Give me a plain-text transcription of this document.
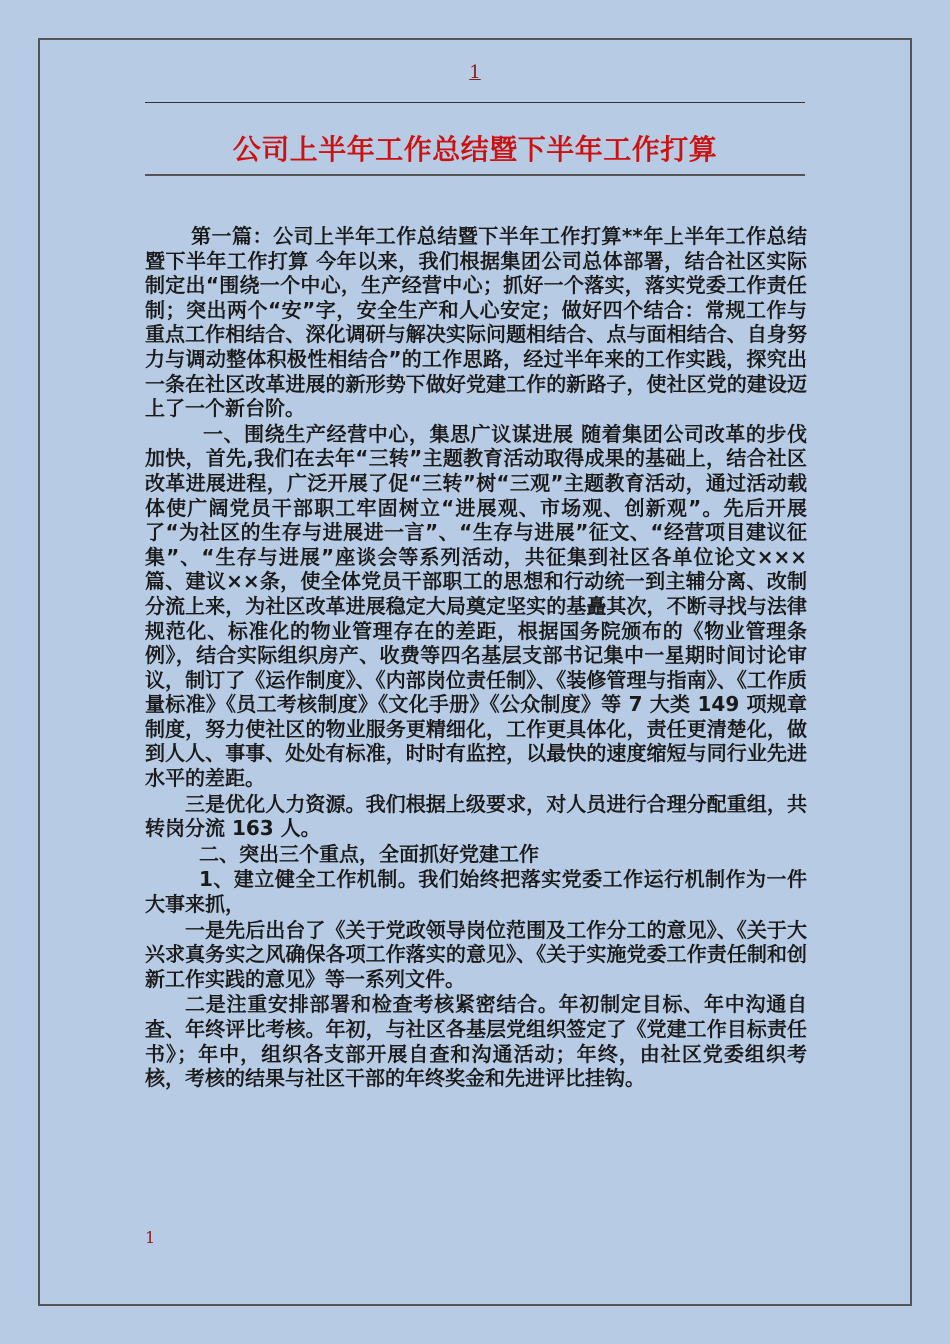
1
公司上半年工作总结暨下半年工作打算

第一篇：公司上半年工作总结暨下半年工作打算**年上半年工作总结暨下半年工作打算 今年以来，我们根据集团公司总体部署，结合社区实际制定出“围绕一个中心，生产经营中心；抓好一个落实，落实党委工作责任制；突出两个“安”字，安全生产和人心安定；做好四个结合：常规工作与重点工作相结合、深化调研与解决实际问题相结合、点与面相结合、自身努力与调动整体积极性相结合”的工作思路，经过半年来的工作实践，探究出一条在社区改革进展的新形势下做好党建工作的新路子，使社区党的建设迈上了一个新台阶。

一、围绕生产经营中心，集思广议谋进展 随着集团公司改革的步伐加快，首先,我们在去年“三转”主题教育活动取得成果的基础上，结合社区改革进展进程，广泛开展了促“三转”树“三观”主题教育活动，通过活动载体使广阔党员干部职工牢固树立“进展观、市场观、创新观”。先后开展了“为社区的生存与进展进一言”、“生存与进展”征文、“经营项目建议征集”、“生存与进展”座谈会等系列活动，共征集到社区各单位论文×××篇、建议××条，使全体党员干部职工的思想和行动统一到主辅分离、改制分流上来，为社区改革进展稳定大局奠定坚实的基矗其次，不断寻找与法律规范化、标准化的物业管理存在的差距，根据国务院颁布的《物业管理条例》，结合实际组织房产、收费等四名基层支部书记集中一星期时间讨论审议，制订了《运作制度》、《内部岗位责任制》、《装修管理与指南》、《工作质量标准》《员工考核制度》《文化手册》《公众制度》等 7 大类 149 项规章制度，努力使社区的物业服务更精细化，工作更具体化，责任更清楚化，做到人人、事事、处处有标准，时时有监控，以最快的速度缩短与同行业先进水平的差距。

三是优化人力资源。我们根据上级要求，对人员进行合理分配重组，共转岗分流 163 人。

二、突出三个重点，全面抓好党建工作

1、建立健全工作机制。我们始终把落实党委工作运行机制作为一件大事来抓，

一是先后出台了《关于党政领导岗位范围及工作分工的意见》、《关于大兴求真务实之风确保各项工作落实的意见》、《关于实施党委工作责任制和创新工作实践的意见》等一系列文件。

二是注重安排部署和检查考核紧密结合。年初制定目标、年中沟通自查、年终评比考核。年初，与社区各基层党组织签定了《党建工作目标责任书》；年中，组织各支部开展自查和沟通活动；年终，由社区党委组织考核，考核的结果与社区干部的年终奖金和先进评比挂钩。

1
